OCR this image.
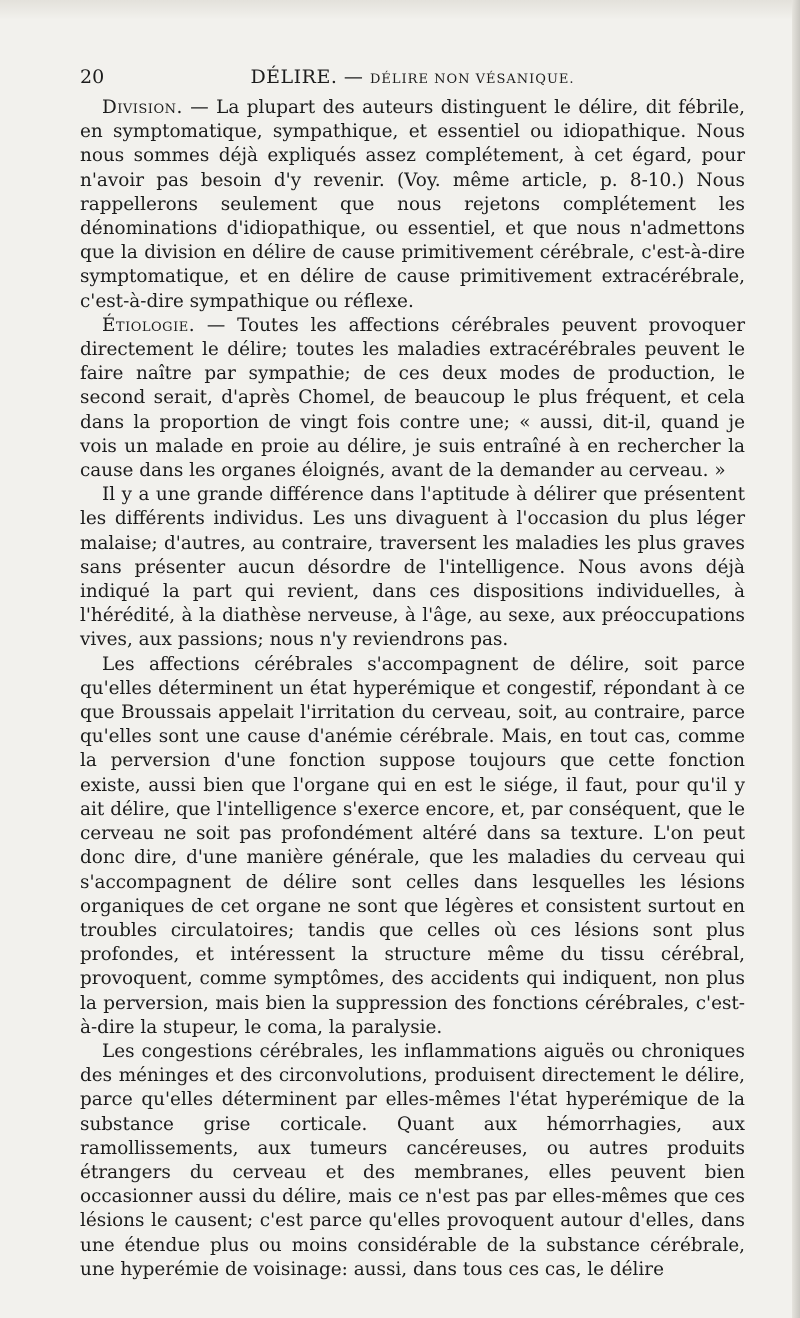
20	DÉLIRE. — DÉLIRE NON VÉSANIQUE.

Division. — La plupart des auteurs distinguent le délire, dit fébrile, en symptomatique, sympathique, et essentiel ou idiopathique. Nous nous sommes déjà expliqués assez complétement, à cet égard, pour n'avoir pas besoin d'y revenir. (Voy. même article, p. 8-10.) Nous rappellerons seulement que nous rejetons complétement les dénominations d'idiopathique, ou essentiel, et que nous n'admettons que la division en délire de cause primitivement cérébrale, c'est-à-dire symptomatique, et en délire de cause primitivement extracérébrale, c'est-à-dire sympathique ou réflexe.

Étiologie. — Toutes les affections cérébrales peuvent provoquer directement le délire; toutes les maladies extracérébrales peuvent le faire naître par sympathie; de ces deux modes de production, le second serait, d'après Chomel, de beaucoup le plus fréquent, et cela dans la proportion de vingt fois contre une; « aussi, dit-il, quand je vois un malade en proie au délire, je suis entraîné à en rechercher la cause dans les organes éloignés, avant de la demander au cerveau. »

Il y a une grande différence dans l'aptitude à délirer que présentent les différents individus. Les uns divaguent à l'occasion du plus léger malaise; d'autres, au contraire, traversent les maladies les plus graves sans présenter aucun désordre de l'intelligence. Nous avons déjà indiqué la part qui revient, dans ces dispositions individuelles, à l'hérédité, à la diathèse nerveuse, à l'âge, au sexe, aux préoccupations vives, aux passions; nous n'y reviendrons pas.

Les affections cérébrales s'accompagnent de délire, soit parce qu'elles déterminent un état hyperémique et congestif, répondant à ce que Broussais appelait l'irritation du cerveau, soit, au contraire, parce qu'elles sont une cause d'anémie cérébrale. Mais, en tout cas, comme la perversion d'une fonction suppose toujours que cette fonction existe, aussi bien que l'organe qui en est le siége, il faut, pour qu'il y ait délire, que l'intelligence s'exerce encore, et, par conséquent, que le cerveau ne soit pas profondément altéré dans sa texture. L'on peut donc dire, d'une manière générale, que les maladies du cerveau qui s'accompagnent de délire sont celles dans lesquelles les lésions organiques de cet organe ne sont que légères et consistent surtout en troubles circulatoires; tandis que celles où ces lésions sont plus profondes, et intéressent la structure même du tissu cérébral, provoquent, comme symptômes, des accidents qui indiquent, non plus la perversion, mais bien la suppression des fonctions cérébrales, c'est-à-dire la stupeur, le coma, la paralysie.

Les congestions cérébrales, les inflammations aiguës ou chroniques des méninges et des circonvolutions, produisent directement le délire, parce qu'elles déterminent par elles-mêmes l'état hyperémique de la substance grise corticale. Quant aux hémorrhagies, aux ramollissements, aux tumeurs cancéreuses, ou autres produits étrangers du cerveau et des membranes, elles peuvent bien occasionner aussi du délire, mais ce n'est pas par elles-mêmes que ces lésions le causent; c'est parce qu'elles provoquent autour d'elles, dans une étendue plus ou moins considérable de la substance cérébrale, une hyperémie de voisinage: aussi, dans tous ces cas, le délire
